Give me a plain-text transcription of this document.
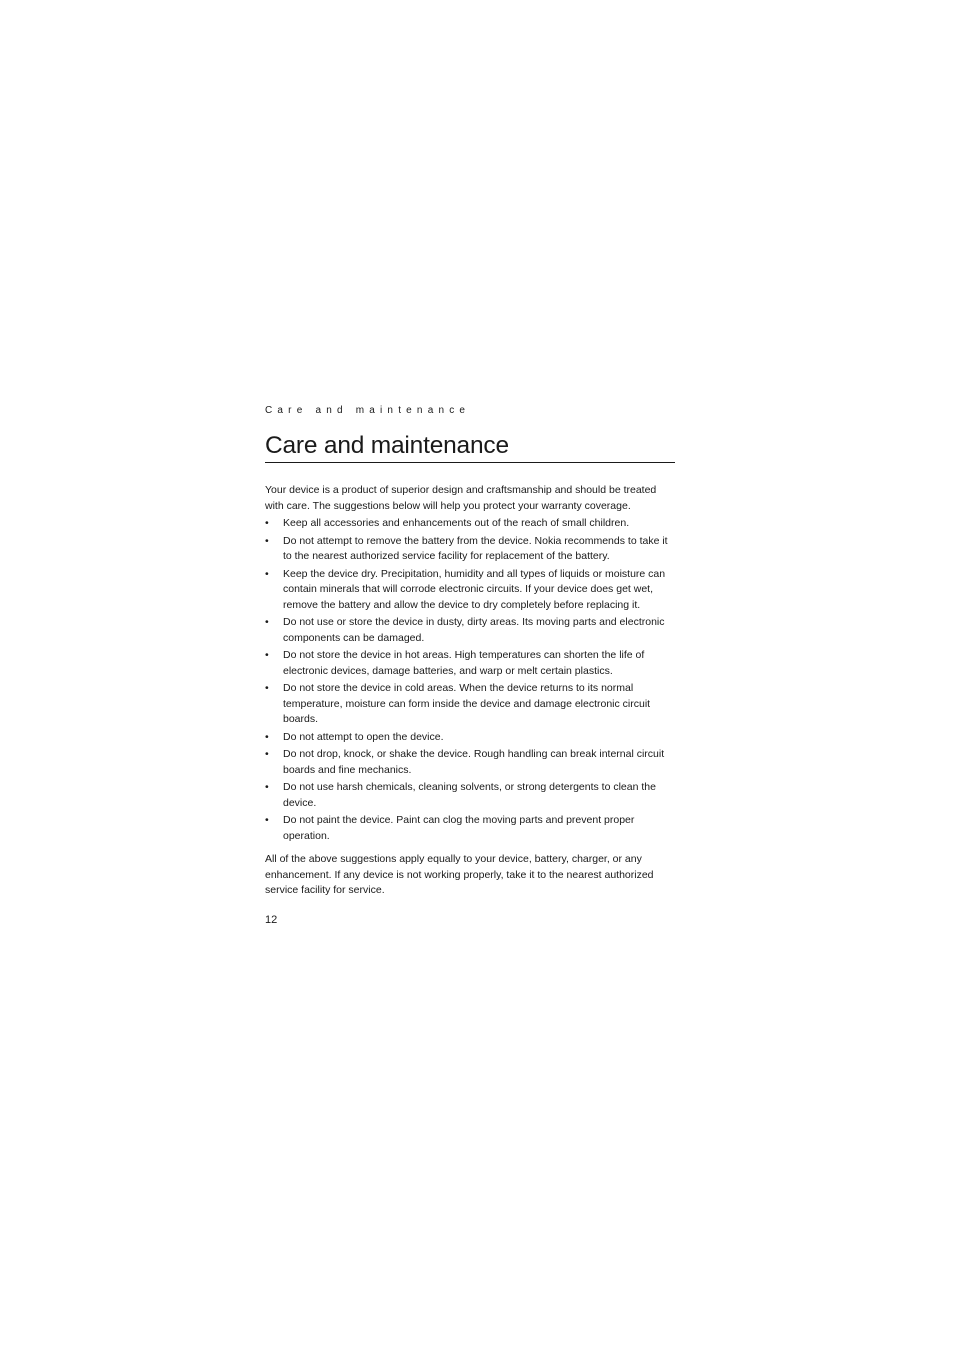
Care and maintenance

Care and maintenance

Your device is a product of superior design and craftsmanship and should be treated with care. The suggestions below will help you protect your warranty coverage.

• Keep all accessories and enhancements out of the reach of small children.
• Do not attempt to remove the battery from the device. Nokia recommends to take it to the nearest authorized service facility for replacement of the battery.
• Keep the device dry. Precipitation, humidity and all types of liquids or moisture can contain minerals that will corrode electronic circuits. If your device does get wet, remove the battery and allow the device to dry completely before replacing it.
• Do not use or store the device in dusty, dirty areas. Its moving parts and electronic components can be damaged.
• Do not store the device in hot areas. High temperatures can shorten the life of electronic devices, damage batteries, and warp or melt certain plastics.
• Do not store the device in cold areas. When the device returns to its normal temperature, moisture can form inside the device and damage electronic circuit boards.
• Do not attempt to open the device.
• Do not drop, knock, or shake the device. Rough handling can break internal circuit boards and fine mechanics.
• Do not use harsh chemicals, cleaning solvents, or strong detergents to clean the device.
• Do not paint the device. Paint can clog the moving parts and prevent proper operation.

All of the above suggestions apply equally to your device, battery, charger, or any enhancement. If any device is not working properly, take it to the nearest authorized service facility for service.

12
